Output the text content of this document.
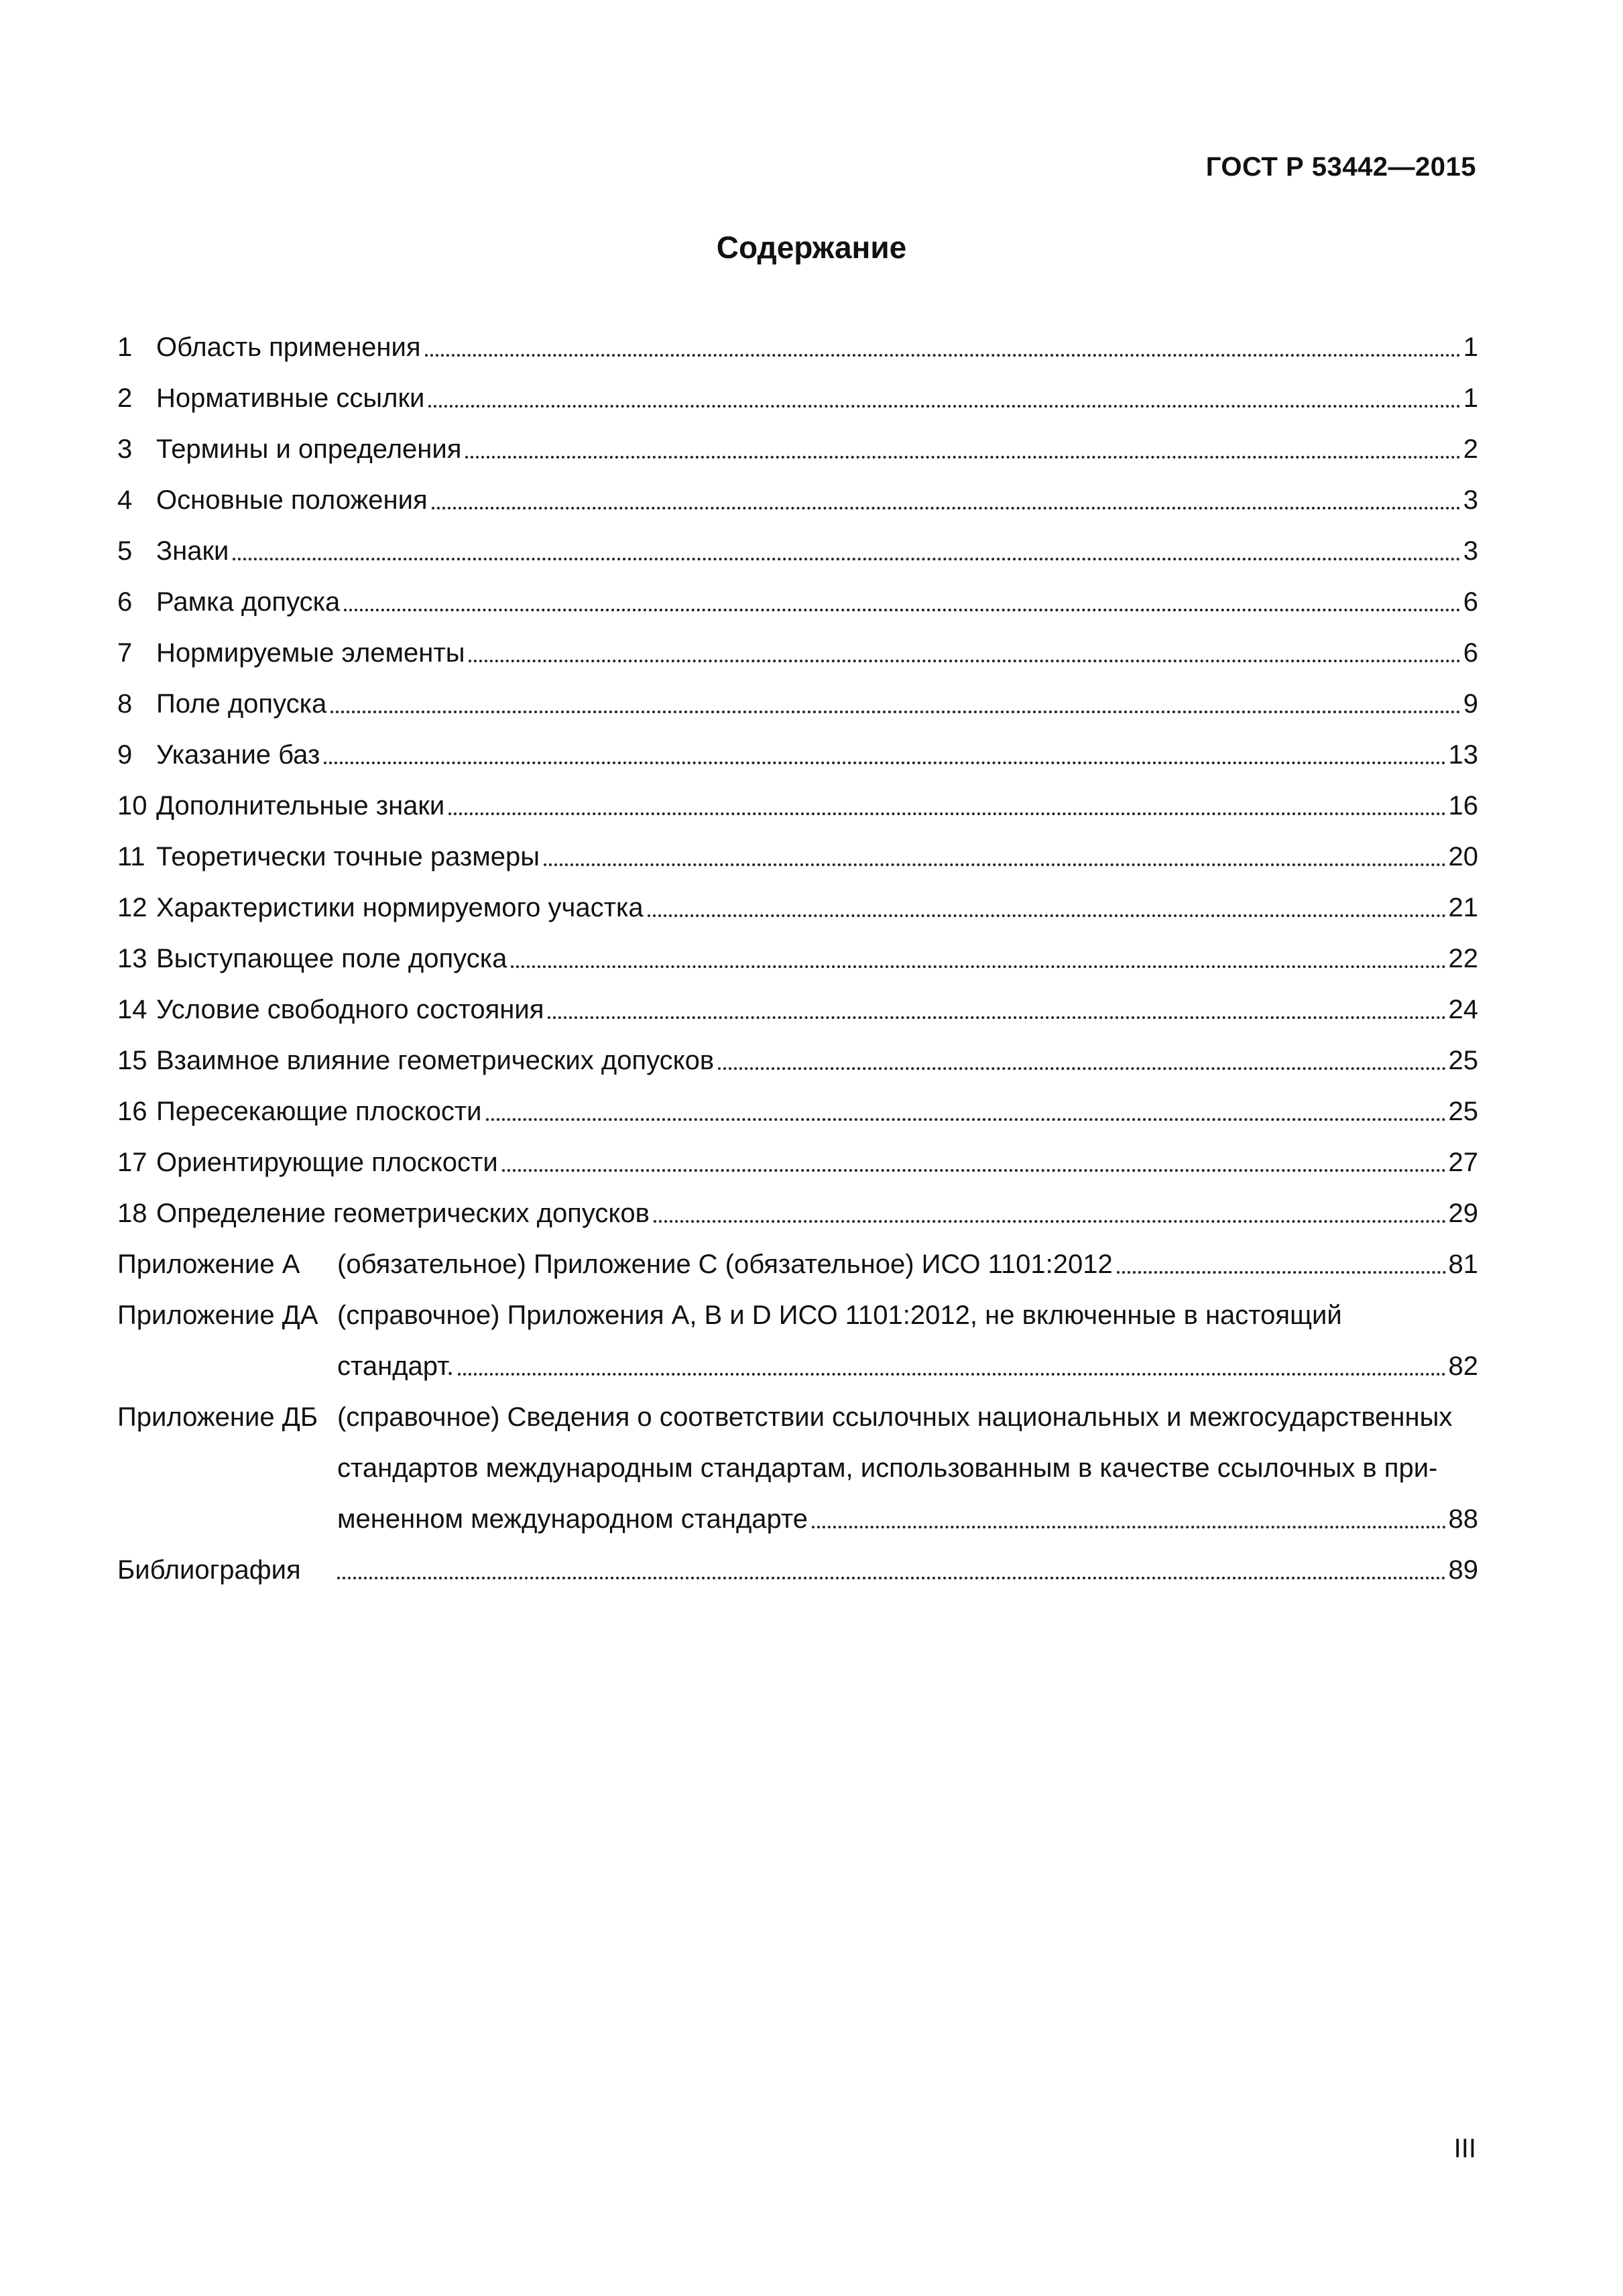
ГОСТ Р 53442—2015
Содержание
1 Область применения	1
2 Нормативные ссылки	1
3 Термины и определения	2
4 Основные положения	3
5 Знаки	3
6 Рамка допуска	6
7 Нормируемые элементы	6
8 Поле допуска	9
9 Указание баз	13
10 Дополнительные знаки	16
11 Теоретически точные размеры	20
12 Характеристики нормируемого участка	21
13 Выступающее поле допуска	22
14 Условие свободного состояния	24
15 Взаимное влияние геометрических допусков	25
16 Пересекающие плоскости	25
17 Ориентирующие плоскости	27
18 Определение геометрических допусков	29
Приложение А	(обязательное) Приложение С (обязательное) ИСО 1101:2012	81
Приложение ДА (справочное) Приложения A, B и D ИСО 1101:2012, не включенные в настоящий
стандарт.	82
Приложение ДБ (справочное) Сведения о соответствии ссылочных национальных и межгосударственных
стандартов международным стандартам, использованным в качестве ссылочных в при-
мененном международном стандарте	88
Библиография	89
III
